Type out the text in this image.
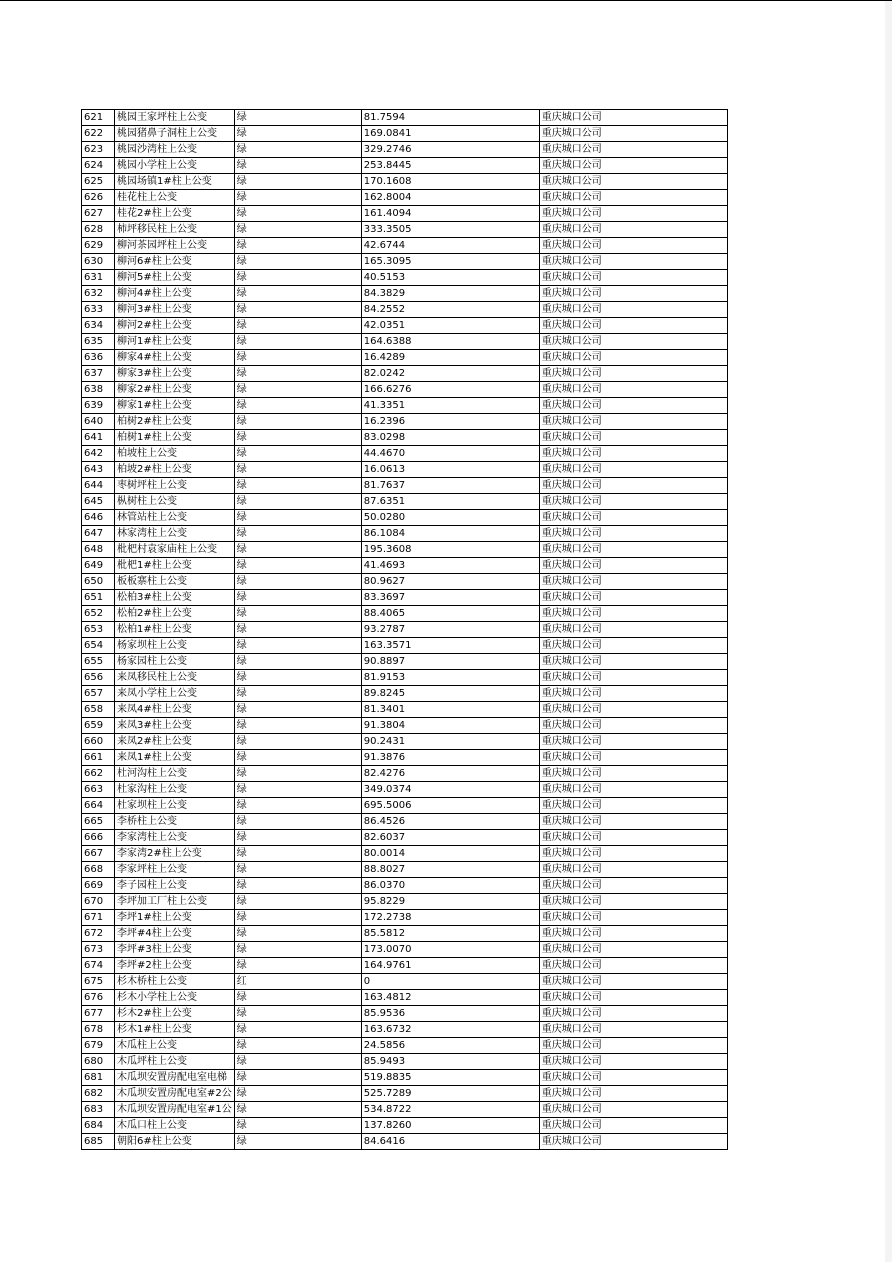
621	桃园王家坪柱上公变	绿	81.7594	重庆城口公司
622	桃园猪鼻子洞柱上公变	绿	169.0841	重庆城口公司
623	桃园沙湾柱上公变	绿	329.2746	重庆城口公司
624	桃园小学柱上公变	绿	253.8445	重庆城口公司
625	桃园场镇1#柱上公变	绿	170.1608	重庆城口公司
626	桂花柱上公变	绿	162.8004	重庆城口公司
627	桂花2#柱上公变	绿	161.4094	重庆城口公司
628	柿坪移民柱上公变	绿	333.3505	重庆城口公司
629	柳河茶园坪柱上公变	绿	42.6744	重庆城口公司
630	柳河6#柱上公变	绿	165.3095	重庆城口公司
631	柳河5#柱上公变	绿	40.5153	重庆城口公司
632	柳河4#柱上公变	绿	84.3829	重庆城口公司
633	柳河3#柱上公变	绿	84.2552	重庆城口公司
634	柳河2#柱上公变	绿	42.0351	重庆城口公司
635	柳河1#柱上公变	绿	164.6388	重庆城口公司
636	柳家4#柱上公变	绿	16.4289	重庆城口公司
637	柳家3#柱上公变	绿	82.0242	重庆城口公司
638	柳家2#柱上公变	绿	166.6276	重庆城口公司
639	柳家1#柱上公变	绿	41.3351	重庆城口公司
640	柏树2#柱上公变	绿	16.2396	重庆城口公司
641	柏树1#柱上公变	绿	83.0298	重庆城口公司
642	柏坡柱上公变	绿	44.4670	重庆城口公司
643	柏坡2#柱上公变	绿	16.0613	重庆城口公司
644	枣树坪柱上公变	绿	81.7637	重庆城口公司
645	枞树柱上公变	绿	87.6351	重庆城口公司
646	林管站柱上公变	绿	50.0280	重庆城口公司
647	林家湾柱上公变	绿	86.1084	重庆城口公司
648	枇杷村袁家庙柱上公变	绿	195.3608	重庆城口公司
649	枇杷1#柱上公变	绿	41.4693	重庆城口公司
650	板板寨柱上公变	绿	80.9627	重庆城口公司
651	松柏3#柱上公变	绿	83.3697	重庆城口公司
652	松柏2#柱上公变	绿	88.4065	重庆城口公司
653	松柏1#柱上公变	绿	93.2787	重庆城口公司
654	杨家坝柱上公变	绿	163.3571	重庆城口公司
655	杨家园柱上公变	绿	90.8897	重庆城口公司
656	来凤移民柱上公变	绿	81.9153	重庆城口公司
657	来凤小学柱上公变	绿	89.8245	重庆城口公司
658	来凤4#柱上公变	绿	81.3401	重庆城口公司
659	来凤3#柱上公变	绿	91.3804	重庆城口公司
660	来凤2#柱上公变	绿	90.2431	重庆城口公司
661	来凤1#柱上公变	绿	91.3876	重庆城口公司
662	杜河沟柱上公变	绿	82.4276	重庆城口公司
663	杜家沟柱上公变	绿	349.0374	重庆城口公司
664	杜家坝柱上公变	绿	695.5006	重庆城口公司
665	李桥柱上公变	绿	86.4526	重庆城口公司
666	李家湾柱上公变	绿	82.6037	重庆城口公司
667	李家湾2#柱上公变	绿	80.0014	重庆城口公司
668	李家坪柱上公变	绿	88.8027	重庆城口公司
669	李子园柱上公变	绿	86.0370	重庆城口公司
670	李坪加工厂柱上公变	绿	95.8229	重庆城口公司
671	李坪1#柱上公变	绿	172.2738	重庆城口公司
672	李坪#4柱上公变	绿	85.5812	重庆城口公司
673	李坪#3柱上公变	绿	173.0070	重庆城口公司
674	李坪#2柱上公变	绿	164.9761	重庆城口公司
675	杉木桥柱上公变	红	0	重庆城口公司
676	杉木小学柱上公变	绿	163.4812	重庆城口公司
677	杉木2#柱上公变	绿	85.9536	重庆城口公司
678	杉木1#柱上公变	绿	163.6732	重庆城口公司
679	木瓜柱上公变	绿	24.5856	重庆城口公司
680	木瓜坪柱上公变	绿	85.9493	重庆城口公司
681	木瓜坝安置房配电室电梯	绿	519.8835	重庆城口公司
682	木瓜坝安置房配电室#2公	绿	525.7289	重庆城口公司
683	木瓜坝安置房配电室#1公	绿	534.8722	重庆城口公司
684	木瓜口柱上公变	绿	137.8260	重庆城口公司
685	朝阳6#柱上公变	绿	84.6416	重庆城口公司
